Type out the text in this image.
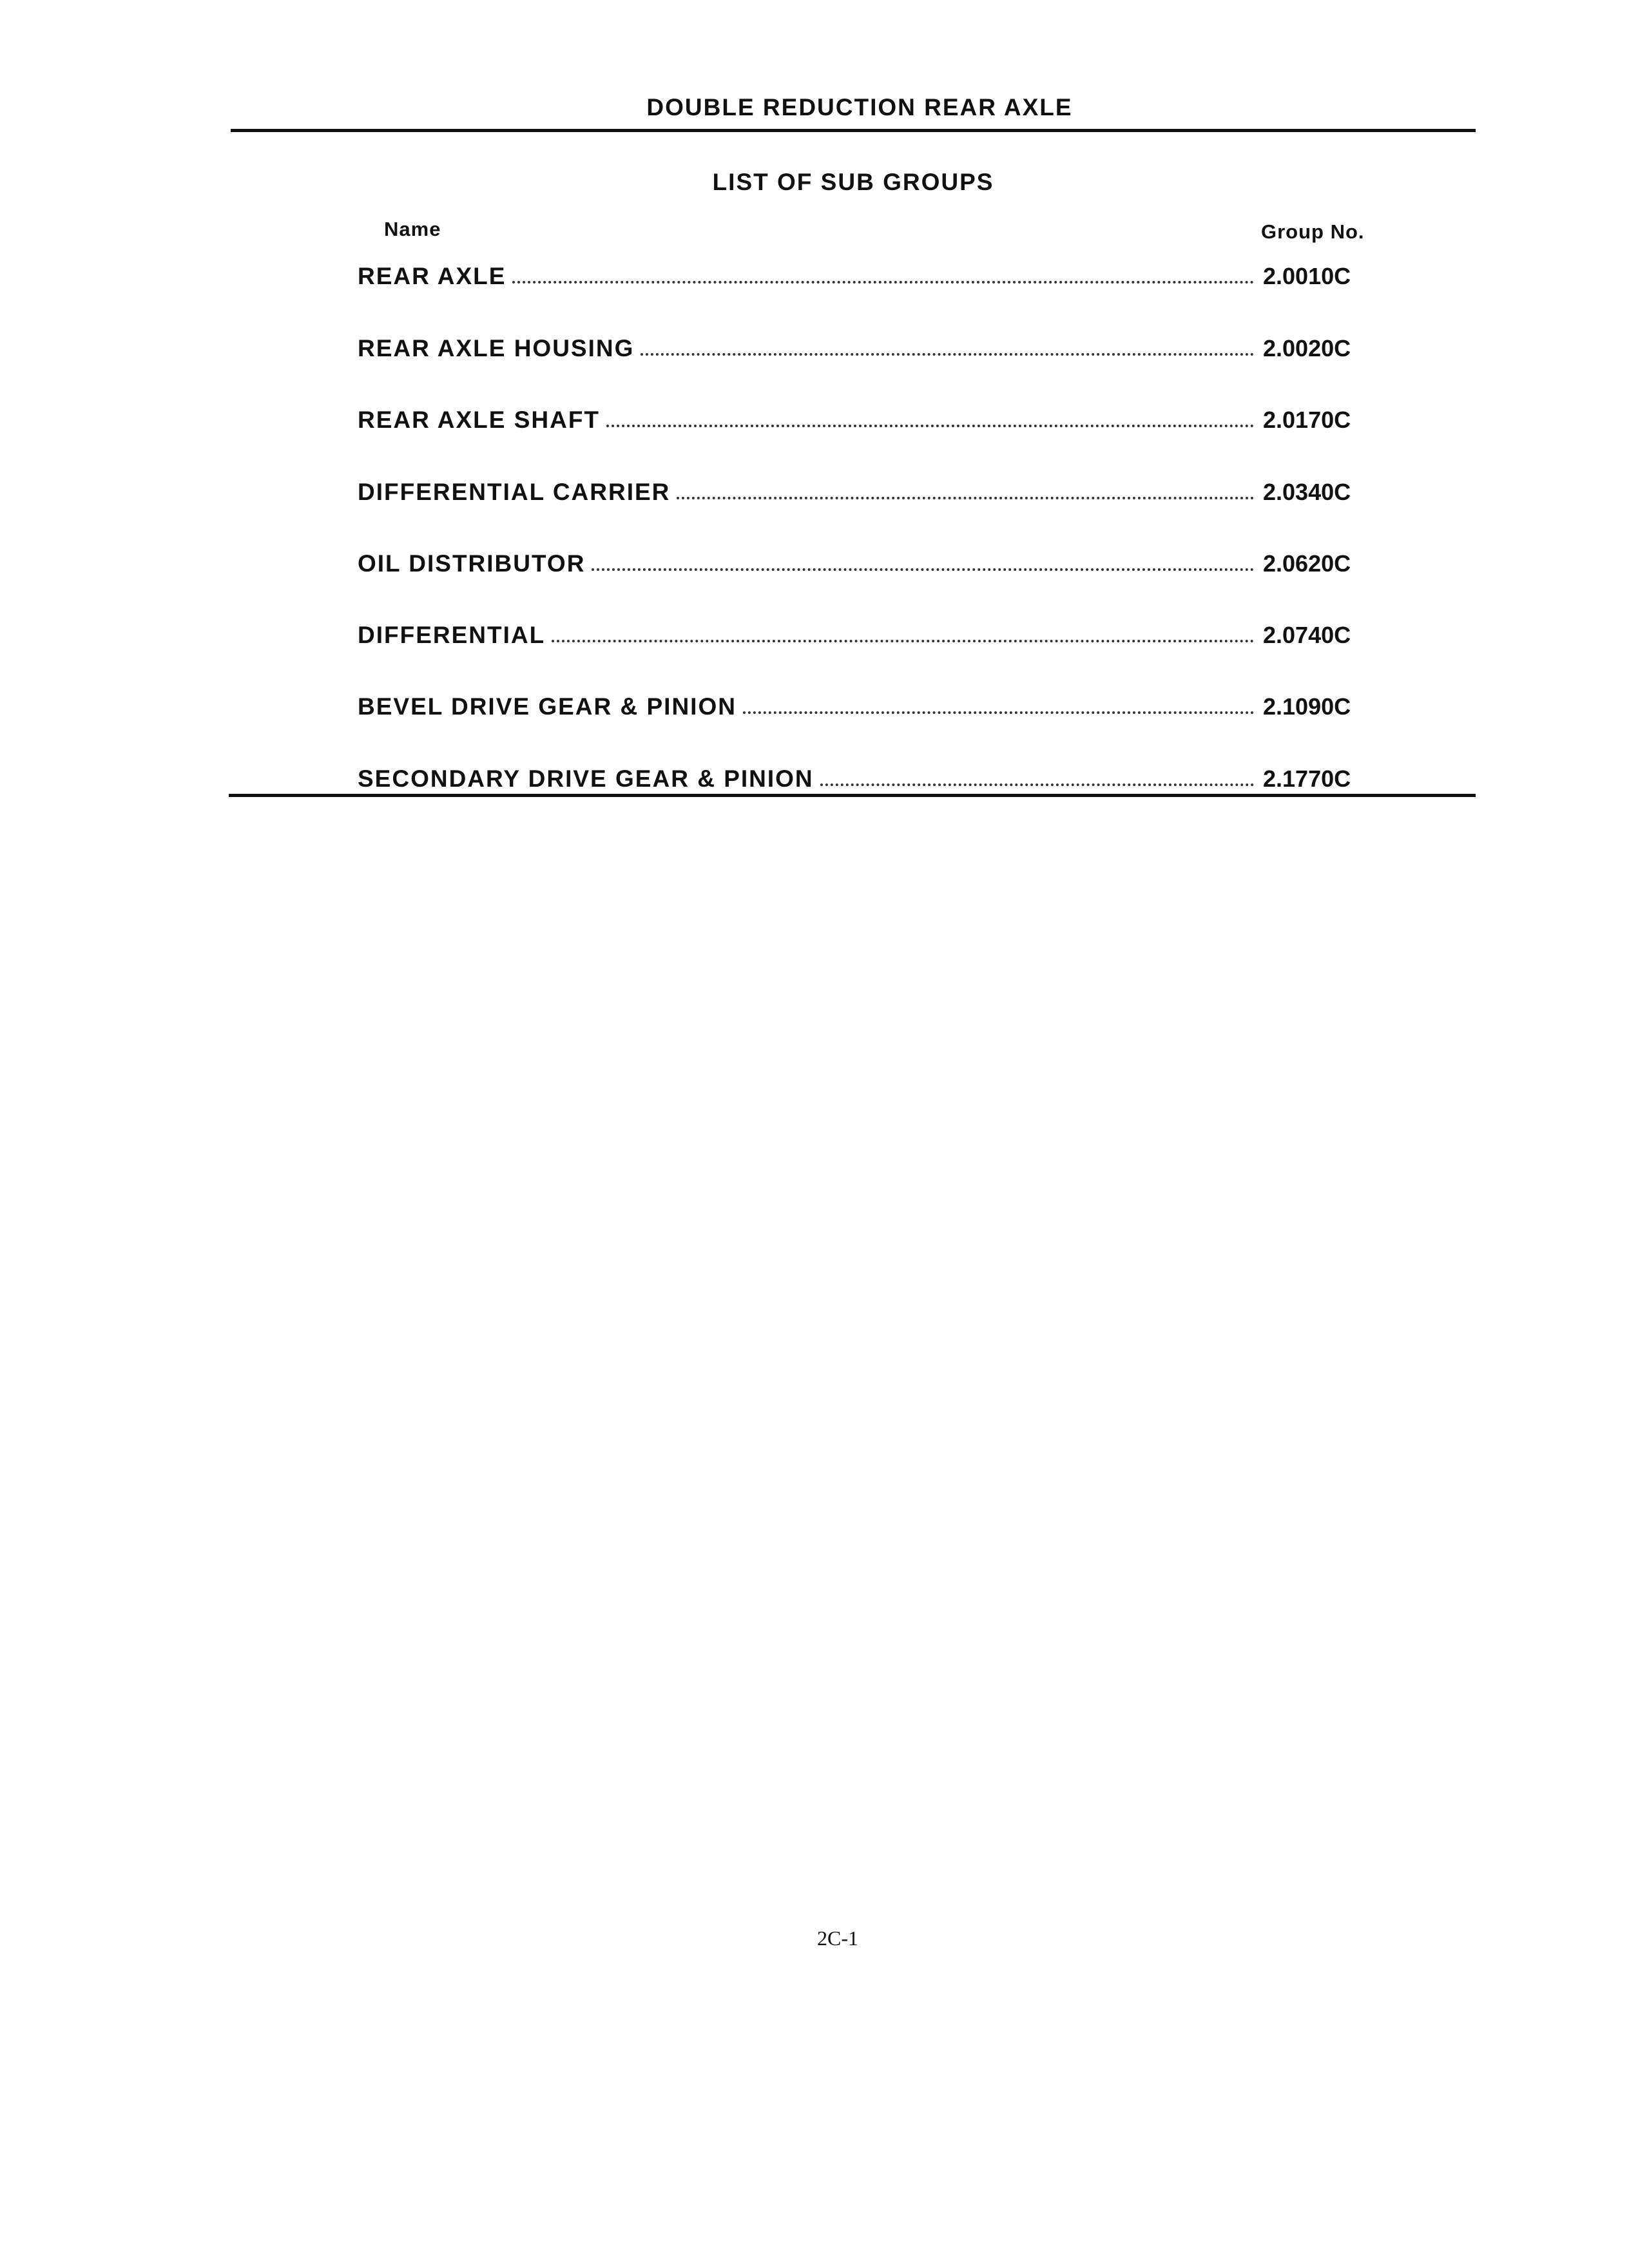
DOUBLE REDUCTION REAR AXLE
LIST OF SUB GROUPS
Name	Group No.
REAR AXLE	2.0010C
REAR AXLE HOUSING	2.0020C
REAR AXLE SHAFT	2.0170C
DIFFERENTIAL CARRIER	2.0340C
OIL DISTRIBUTOR	2.0620C
DIFFERENTIAL	2.0740C
BEVEL DRIVE GEAR & PINION	2.1090C
SECONDARY DRIVE GEAR & PINION	2.1770C
2C-1
